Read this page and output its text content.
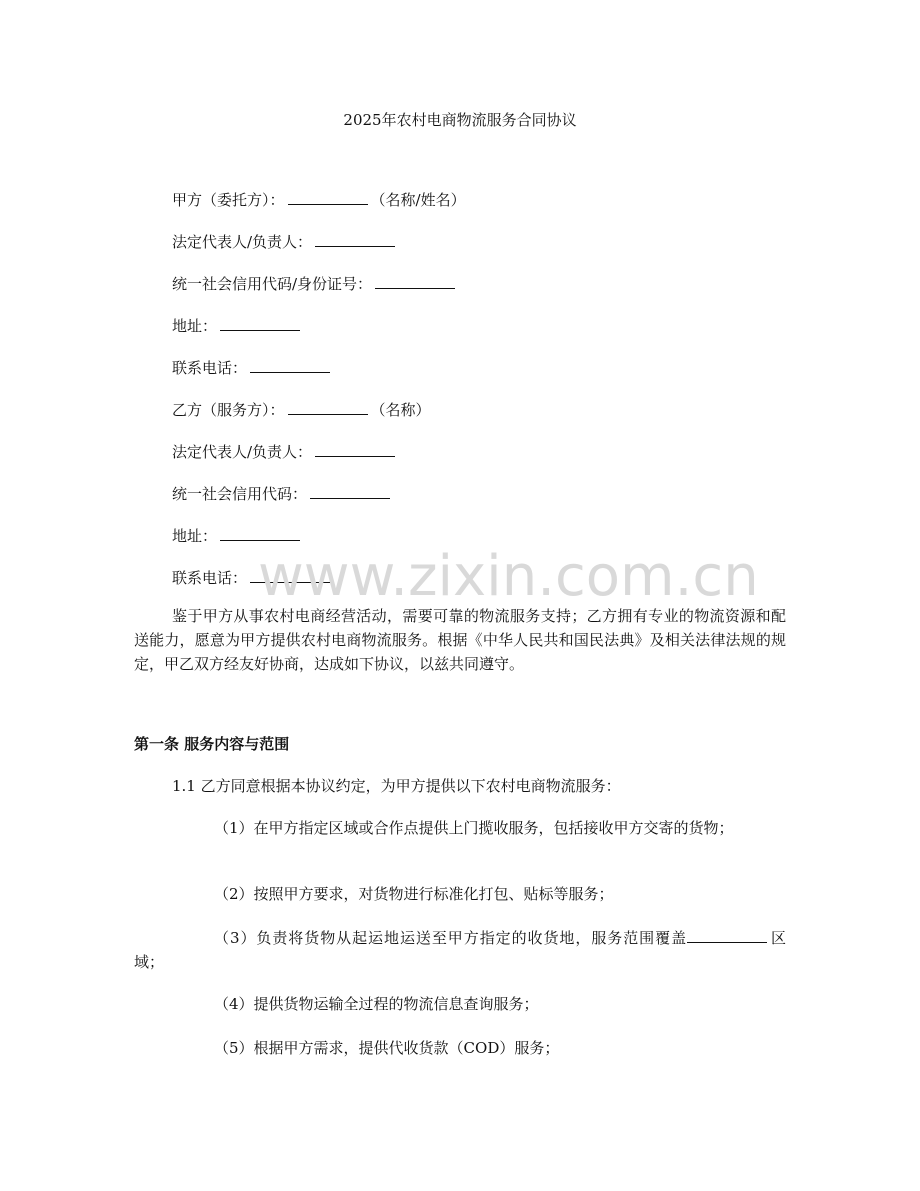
2025年农村电商物流服务合同协议
甲方（委托方）：	（名称/姓名）
法定代表人/负责人：
统一社会信用代码/身份证号：
地址：
联系电话：
乙方（服务方）：	（名称）
法定代表人/负责人：
统一社会信用代码：
地址：
联系电话： www.zixin.com.cn
鉴于甲方从事农村电商经营活动，需要可靠的物流服务支持；乙方拥有专业的物流资源和配送能力，愿意为甲方提供农村电商物流服务。根据《中华人民共和国民法典》及相关法律法规的规定，甲乙双方经友好协商，达成如下协议，以兹共同遵守。
第一条 服务内容与范围
1.1 乙方同意根据本协议约定，为甲方提供以下农村电商物流服务：
（1）在甲方指定区域或合作点提供上门揽收服务，包括接收甲方交寄的货物；
（2）按照甲方要求，对货物进行标准化打包、贴标等服务；
（3）负责将货物从起运地运送至甲方指定的收货地，服务范围覆盖	区域；
（4）提供货物运输全过程的物流信息查询服务；
（5）根据甲方需求，提供代收货款（COD）服务；
